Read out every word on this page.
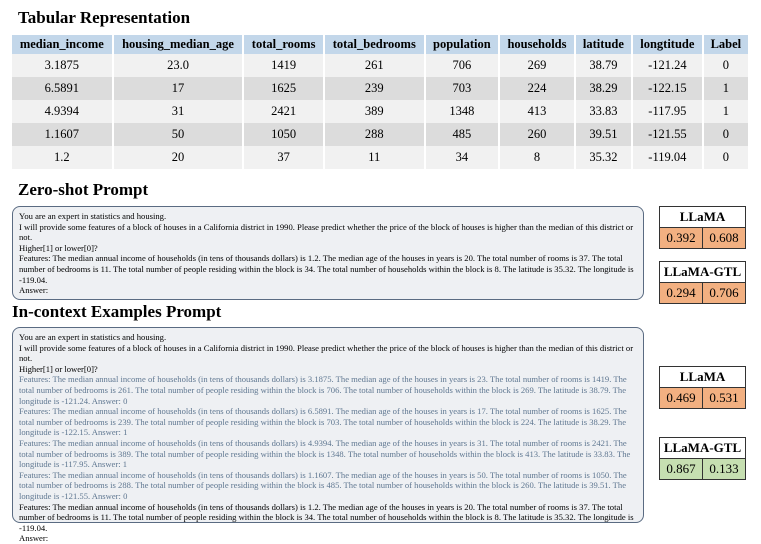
Tabular Representation
median_income	housing_median_age	total_rooms	total_bedrooms	population	households	latitude	longtitude	Label
3.1875	23.0	1419	261	706	269	38.79	-121.24	0
6.5891	17	1625	239	703	224	38.29	-122.15	1
4.9394	31	2421	389	1348	413	33.83	-117.95	1
1.1607	50	1050	288	485	260	39.51	-121.55	0
1.2	20	37	11	34	8	35.32	-119.04	0
Zero-shot Prompt

You are an expert in statistics and housing.

I will provide some features of a block of houses in a California district in 1990. Please predict whether the price of the block of houses is higher than the median of this district or not.

Higher[1] or lower[0]?

Features: The median annual income of households (in tens of thousands dollars) is 1.2. The median age of the houses in years is 20. The total number of rooms is 37. The total number of bedrooms is 11. The total number of people residing within the block is 34. The total number of households within the block is 8. The latitude is 35.32. The longitude is -119.04.

Answer:

LLaMA
0.392	0.608
LLaMA-GTL
0.294	0.706
In-context Examples Prompt

You are an expert in statistics and housing.

I will provide some features of a block of houses in a California district in 1990. Please predict whether the price of the block of houses is higher than the median of this district or not.

Higher[1] or lower[0]?

Features: The median annual income of households (in tens of thousands dollars) is 3.1875. The median age of the houses in years is 23. The total number of rooms is 1419. The total number of bedrooms is 261. The total number of people residing within the block is 706. The total number of households within the block is 269. The latitude is 38.79. The longitude is -121.24. Answer: 0

Features: The median annual income of households (in tens of thousands dollars) is 6.5891. The median age of the houses in years is 17. The total number of rooms is 1625. The total number of bedrooms is 239. The total number of people residing within the block is 703. The total number of households within the block is 224. The latitude is 38.29. The longitude is -122.15. Answer: 1

Features: The median annual income of households (in tens of thousands dollars) is 4.9394. The median age of the houses in years is 31. The total number of rooms is 2421. The total number of bedrooms is 389. The total number of people residing within the block is 1348. The total number of households within the block is 413. The latitude is 33.83. The longitude is -117.95. Answer: 1

Features: The median annual income of households (in tens of thousands dollars) is 1.1607. The median age of the houses in years is 50. The total number of rooms is 1050. The total number of bedrooms is 288. The total number of people residing within the block is 485. The total number of households within the block is 260. The latitude is 39.51. The longitude is -121.55. Answer: 0

Features: The median annual income of households (in tens of thousands dollars) is 1.2. The median age of the houses in years is 20. The total number of rooms is 37. The total number of bedrooms is 11. The total number of people residing within the block is 34. The total number of households within the block is 8. The latitude is 35.32. The longitude is -119.04.

Answer:

LLaMA
0.469	0.531
LLaMA-GTL
0.867	0.133
